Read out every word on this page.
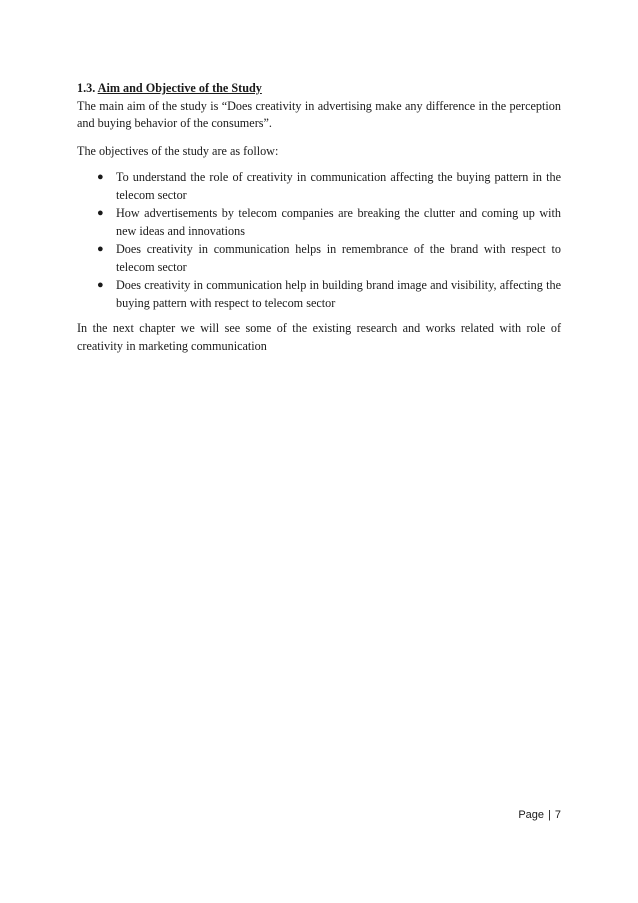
1.3. Aim and Objective of the Study

The main aim of the study is “Does creativity in advertising make any difference in the perception and buying behavior of the consumers”.

The objectives of the study are as follow:

● To understand the role of creativity in communication affecting the buying pattern in the telecom sector
● How advertisements by telecom companies are breaking the clutter and coming up with new ideas and innovations
● Does creativity in communication helps in remembrance of the brand with respect to telecom sector
● Does creativity in communication help in building brand image and visibility, affecting the buying pattern with respect to telecom sector

In the next chapter we will see some of the existing research and works related with role of creativity in marketing communication

Page | 7
